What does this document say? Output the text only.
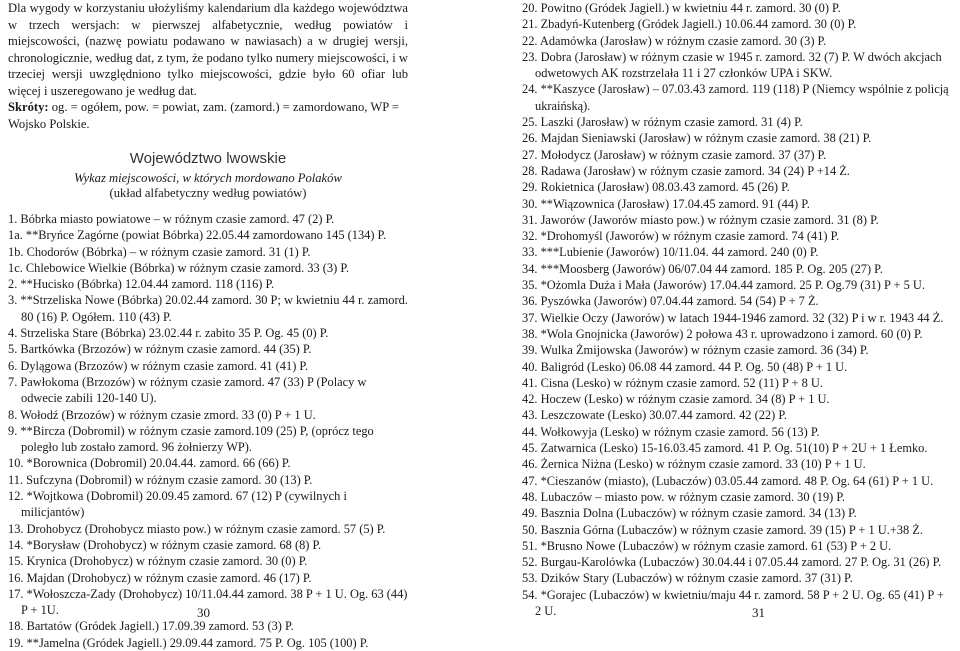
Dla wygody w korzystaniu ułożyliśmy kalendarium dla każdego województwa w trzech wersjach: w pierwszej alfabetycznie, według powiatów i miejscowości, (nazwę powiatu podawano w nawiasach) a w drugiej wersji, chronologicznie, według dat, z tym, że podano tylko numery miejscowości, i w trzeciej wersji uwzględniono tylko miejscowości, gdzie było 60 ofiar lub więcej i uszeregowano je według dat.

Skróty: og. = ogółem, pow. = powiat, zam. (zamord.) = zamordowano, WP = Wojsko Polskie.

Województwo lwowskie
Wykaz miejscowości, w których mordowano Polaków
(układ alfabetyczny według powiatów)
1. Bóbrka miasto powiatowe – w różnym czasie zamord. 47 (2) P.
1a. **Bryńce Zagórne (powiat Bóbrka) 22.05.44 zamordowano 145 (134) P.
1b. Chodorów (Bóbrka) – w różnym czasie zamord. 31 (1) P.
1c. Chlebowice Wielkie (Bóbrka) w różnym czasie zamord. 33 (3) P.
2. **Hucisko (Bóbrka) 12.04.44 zamord. 118 (116) P.
3. **Strzeliska Nowe (Bóbrka) 20.02.44 zamord. 30 P; w kwietniu 44 r. zamord. 80 (16) P. Ogółem. 110 (43) P.
4. Strzeliska Stare (Bóbrka) 23.02.44 r. zabito 35 P. Og. 45 (0) P.
5. Bartkówka (Brzozów) w różnym czasie zamord. 44 (35) P.
6. Dylągowa (Brzozów) w różnym czasie zamord. 41 (41) P.
7. Pawłokoma (Brzozów) w różnym czasie zamord. 47 (33) P (Polacy w odwecie zabili 120-140 U).
8. Wołodź (Brzozów) w różnym czasie zmord. 33 (0) P + 1 U.
9. **Bircza (Dobromil) w różnym czasie zamord.109 (25) P, (oprócz tego poległo lub zostało zamord. 96 żołnierzy WP).
10. *Borownica (Dobromil) 20.04.44. zamord. 66 (66) P.
11. Sufczyna (Dobromil) w różnym czasie zamord. 30 (13) P.
12. *Wojtkowa (Dobromil) 20.09.45 zamord. 67 (12) P (cywilnych i milicjantów)
13. Drohobycz (Drohobycz miasto pow.) w różnym czasie zamord. 57 (5) P.
14. *Borysław (Drohobycz) w różnym czasie zamord. 68 (8) P.
15. Krynica (Drohobycz) w różnym czasie zamord. 30 (0) P.
16. Majdan (Drohobycz) w różnym czasie zamord. 46 (17) P.
17. *Wołoszcza-Zady (Drohobycz) 10/11.04.44 zamord. 38 P + 1 U. Og. 63 (44) P + 1U.
18. Bartatów (Gródek Jagiell.) 17.09.39 zamord. 53 (3) P.
19. **Jamelna (Gródek Jagiell.) 29.09.44 zamord. 75 P. Og. 105 (100) P.
30
20. Powitno (Gródek Jagiell.) w kwietniu 44 r. zamord. 30 (0) P.
21. Zbadyń-Kutenberg (Gródek Jagiell.) 10.06.44 zamord. 30 (0) P.
22. Adamówka (Jarosław) w różnym czasie zamord. 30 (3) P.
23. Dobra (Jarosław) w różnym czasie w 1945 r. zamord. 32 (7) P. W dwóch akcjach odwetowych AK rozstrzelała 11 i 27 członków UPA i SKW.
24. **Kaszyce (Jarosław) – 07.03.43 zamord. 119 (118) P (Niemcy wspólnie z policją ukraińską).
25. Laszki (Jarosław) w różnym czasie zamord. 31 (4) P.
26. Majdan Sieniawski (Jarosław) w różnym czasie zamord. 38 (21) P.
27. Mołodycz (Jarosław) w różnym czasie zamord. 37 (37) P.
28. Radawa (Jarosław) w różnym czasie zamord. 34 (24) P +14 Ż.
29. Rokietnica (Jarosław) 08.03.43 zamord. 45 (26) P.
30. **Wiązownica (Jarosław) 17.04.45 zamord. 91 (44) P.
31. Jaworów (Jaworów miasto pow.) w różnym czasie zamord. 31 (8) P.
32. *Drohomyśl (Jaworów) w różnym czasie zamord. 74 (41) P.
33. ***Lubienie (Jaworów) 10/11.04. 44 zamord. 240 (0) P.
34. ***Moosberg (Jaworów) 06/07.04 44 zamord. 185 P. Og. 205 (27) P.
35. *Ożomla Duża i Mała (Jaworów) 17.04.44 zamord. 25 P. Og.79 (31) P + 5 U.
36. Pyszówka (Jaworów) 07.04.44 zamord. 54 (54) P + 7 Ż.
37. Wielkie Oczy (Jaworów) w latach 1944-1946 zamord. 32 (32) P i w r. 1943 44 Ż.
38. *Wola Gnojnicka (Jaworów) 2 połowa 43 r. uprowadzono i zamord. 60 (0) P.
39. Wulka Żmijowska (Jaworów) w różnym czasie zamord. 36 (34) P.
40. Baligród (Lesko) 06.08 44 zamord. 44 P. Og. 50 (48) P + 1 U.
41. Cisna (Lesko) w różnym czasie zamord. 52 (11) P + 8 U.
42. Hoczew (Lesko) w różnym czasie zamord. 34 (8) P + 1 U.
43. Leszczowate (Lesko) 30.07.44 zamord. 42 (22) P.
44. Wołkowyja (Lesko) w różnym czasie zamord. 56 (13) P.
45. Zatwarnica (Lesko) 15-16.03.45 zamord. 41 P. Og. 51(10) P + 2U + 1 Łemko.
46. Żernica Niżna (Lesko) w różnym czasie zamord. 33 (10) P + 1 U.
47. *Cieszanów (miasto), (Lubaczów) 03.05.44 zamord. 48 P. Og. 64 (61) P + 1 U.
48. Lubaczów – miasto pow. w różnym czasie zamord. 30 (19) P.
49. Basznia Dolna (Lubaczów) w różnym czasie zamord. 34 (13) P.
50. Basznia Górna (Lubaczów) w różnym czasie zamord. 39 (15) P + 1 U.+38 Ż.
51. *Brusno Nowe (Lubaczów) w różnym czasie zamord. 61 (53) P + 2 U.
52. Burgau-Karolówka (Lubaczów) 30.04.44 i 07.05.44 zamord. 27 P. Og. 31 (26) P.
53. Dzików Stary (Lubaczów) w różnym czasie zamord. 37 (31) P.
54. *Gorajec (Lubaczów) w kwietniu/maju 44 r. zamord. 58 P + 2 U. Og. 65 (41) P + 2 U.	31
